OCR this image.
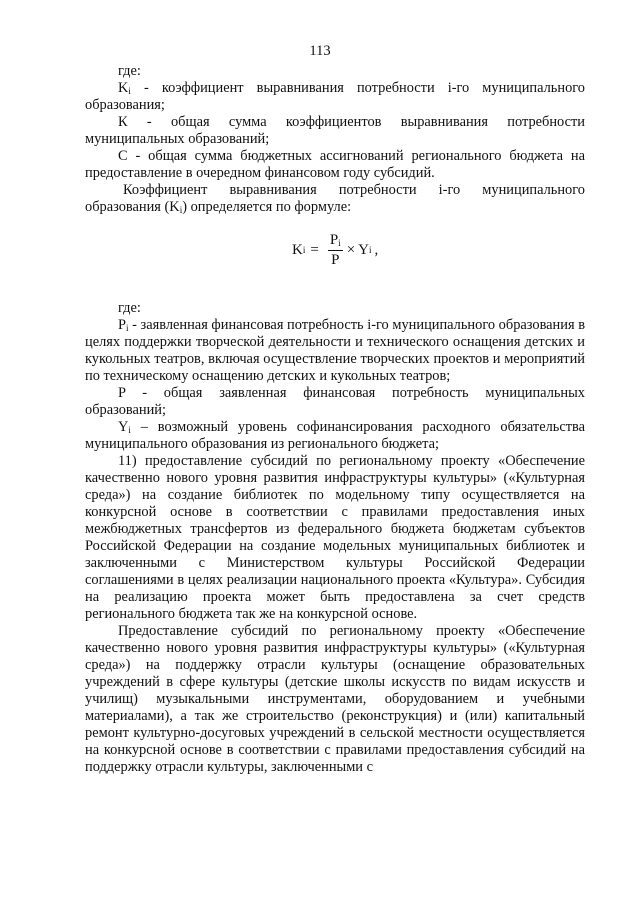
113

где:

$K_i$ - коэффициент выравнивания потребности i-го муниципального образования;

К - общая сумма коэффициентов выравнивания потребности муниципальных образований;

С - общая сумма бюджетных ассигнований регионального бюджета на предоставление в очередном финансовом году субсидий.

Коэффициент выравнивания потребности i-го муниципального образования $(K_i)$ определяется по формуле:

K $i = \frac{P_i}{P} \times Y$ i ,

где:

$P_i$ - заявленная финансовая потребность i-го муниципального образования в целях поддержки творческой деятельности и технического оснащения детских и кукольных театров, включая осуществление творческих проектов и мероприятий по техническому оснащению детских и кукольных театров;

P - общая заявленная финансовая потребность муниципальных образований;

$Y_i$ – возможный уровень софинансирования расходного обязательства муниципального образования из регионального бюджета;

11) предоставление субсидий по региональному проекту «Обеспечение качественно нового уровня развития инфраструктуры культуры» («Культурная среда») на создание библиотек по модельному типу осуществляется на конкурсной основе в соответствии с правилами предоставления иных межбюджетных трансфертов из федерального бюджета бюджетам субъектов Российской Федерации на создание модельных муниципальных библиотек и заключенными с Министерством культуры Российской Федерации соглашениями в целях реализации национального проекта «Культура». Субсидия на реализацию проекта может быть предоставлена за счет средств регионального бюджета так же на конкурсной основе.

Предоставление субсидий по региональному проекту «Обеспечение качественно нового уровня развития инфраструктуры культуры» («Культурная среда») на поддержку отрасли культуры (оснащение образовательных учреждений в сфере культуры (детские школы искусств по видам искусств и училищ) музыкальными инструментами, оборудованием и учебными материалами), а так же строительство (реконструкция) и (или) капитальный ремонт культурно-досуговых учреждений в сельской местности осуществляется на конкурсной основе в соответствии с правилами предоставления субсидий на поддержку отрасли культуры, заключенными с
